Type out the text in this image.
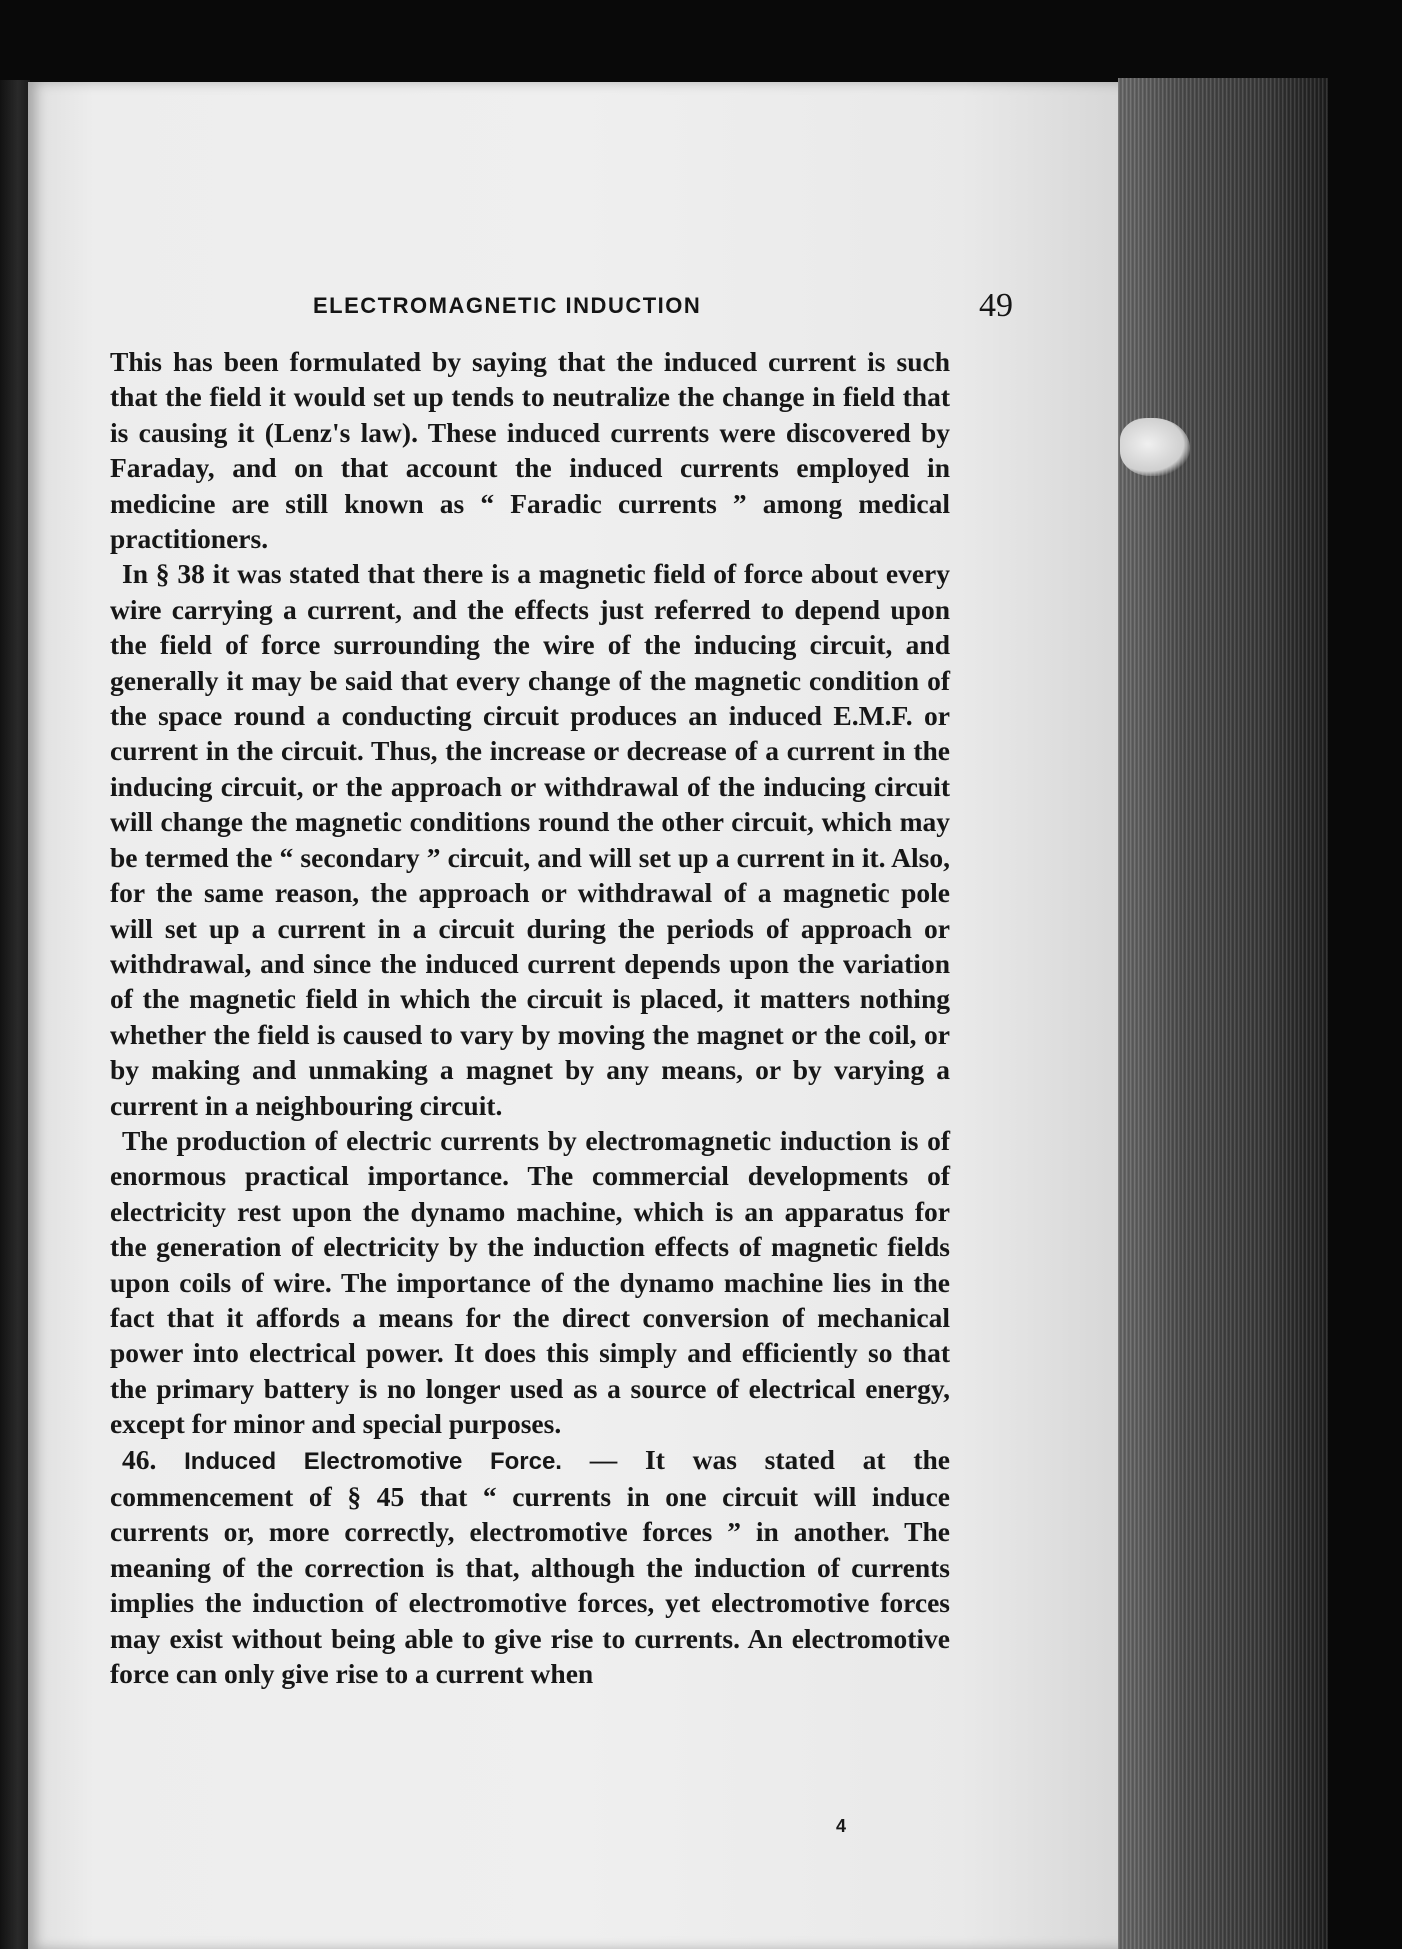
ELECTROMAGNETIC INDUCTION	49

This has been formulated by saying that the induced current is such that the field it would set up tends to neutralize the change in field that is causing it (Lenz's law). These induced currents were discovered by Faraday, and on that account the induced currents employed in medicine are still known as “ Faradic currents ” among medical practitioners.

In § 38 it was stated that there is a magnetic field of force about every wire carrying a current, and the effects just referred to depend upon the field of force surrounding the wire of the inducing circuit, and generally it may be said that every change of the magnetic condition of the space round a conducting circuit produces an induced E.M.F. or current in the circuit. Thus, the increase or decrease of a current in the inducing circuit, or the approach or withdrawal of the inducing circuit will change the magnetic conditions round the other circuit, which may be termed the “ secondary ” circuit, and will set up a current in it. Also, for the same reason, the approach or withdrawal of a magnetic pole will set up a current in a circuit during the periods of approach or withdrawal, and since the induced current depends upon the variation of the magnetic field in which the circuit is placed, it matters nothing whether the field is caused to vary by moving the magnet or the coil, or by making and unmaking a magnet by any means, or by varying a current in a neighbouring circuit.

The production of electric currents by electromagnetic induction is of enormous practical importance. The commercial developments of electricity rest upon the dynamo machine, which is an apparatus for the generation of electricity by the induction effects of magnetic fields upon coils of wire. The importance of the dynamo machine lies in the fact that it affords a means for the direct conversion of mechanical power into electrical power. It does this simply and efficiently so that the primary battery is no longer used as a source of electrical energy, except for minor and special purposes.

46. Induced Electromotive Force. — It was stated at the commencement of § 45 that “ currents in one circuit will induce currents or, more correctly, electromotive forces ” in another. The meaning of the correction is that, although the induction of currents implies the induction of electromotive forces, yet electromotive forces may exist without being able to give rise to currents. An electromotive force can only give rise to a current when

4
